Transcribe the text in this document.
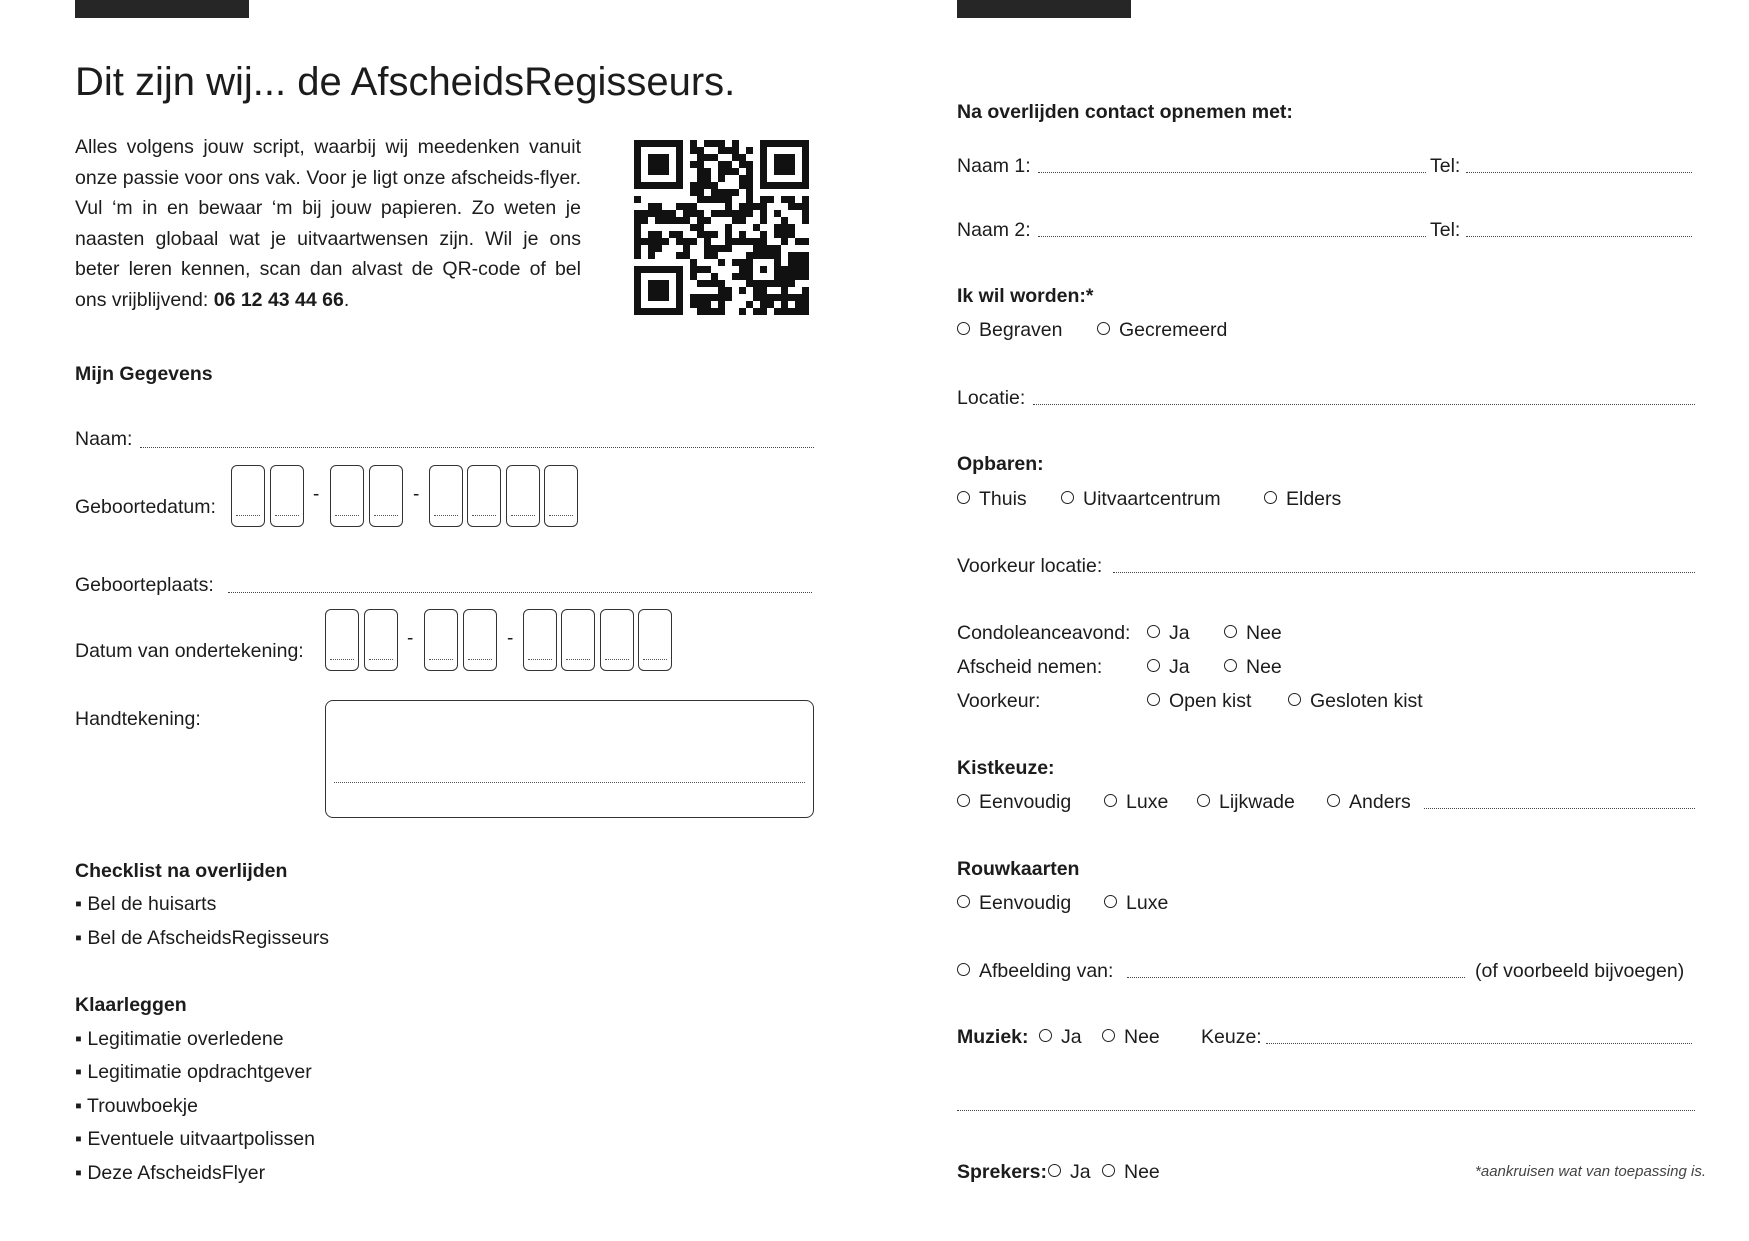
Dit zijn wij... de AfscheidsRegisseurs.
Alles volgens jouw script, waarbij wij meedenken vanuit onze passie voor ons vak. Voor je ligt onze afscheids-flyer. Vul ‘m in en bewaar ‘m bij jouw papieren. Zo weten je naasten globaal wat je uitvaartwensen zijn. Wil je ons beter leren kennen, scan dan alvast de QR-code of bel ons vrijblijvend: 06 12 43 44 66.
Mijn Gegevens
Naam:
Geboortedatum:
-	-
Geboorteplaats:
Datum van ondertekening:
-	-
Handtekening:
Checklist na overlijden
▪ Bel de huisarts
▪ Bel de AfscheidsRegisseurs
Klaarleggen
▪ Legitimatie overledene
▪ Legitimatie opdrachtgever
▪ Trouwboekje
▪ Eventuele uitvaartpolissen
▪ Deze AfscheidsFlyer
Na overlijden contact opnemen met:
Naam 1:	Tel:
Naam 2:	Tel:
Ik wil worden:*
Begraven	Gecremeerd
Locatie:
Opbaren:
Thuis	Uitvaartcentrum	Elders
Voorkeur locatie:
Condoleanceavond:	Ja	Nee
Afscheid nemen:	Ja	Nee
Voorkeur:	Open kist	Gesloten kist
Kistkeuze:
Eenvoudig	Luxe	Lijkwade	Anders
Rouwkaarten
Eenvoudig	Luxe
Afbeelding van:	(of voorbeeld bijvoegen)
Muziek:	Ja	Nee Keuze:
Sprekers:	Ja	Nee	*aankruisen wat van toepassing is.
